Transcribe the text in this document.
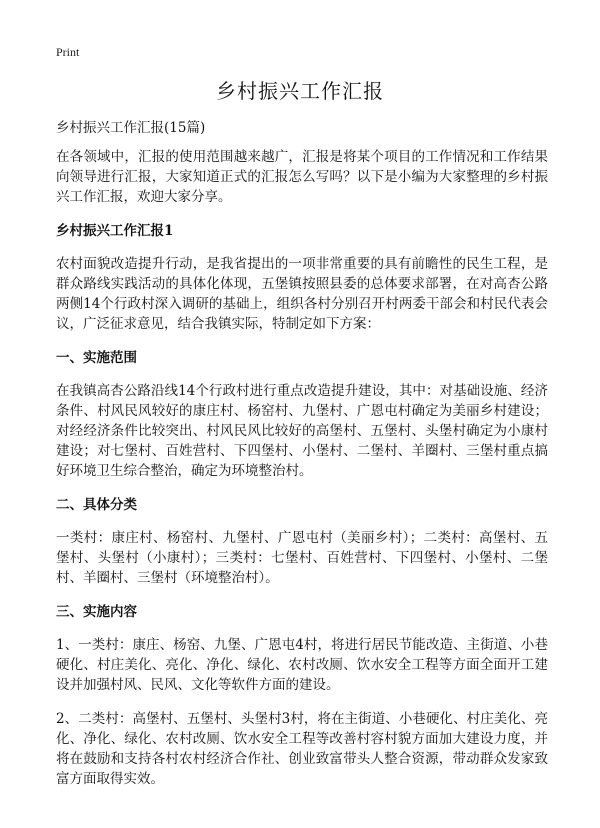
Print
乡村振兴工作汇报

乡村振兴工作汇报(15篇)

在各领域中，汇报的使用范围越来越广，汇报是将某个项目的工作情况和工作结果向领导进行汇报，大家知道正式的汇报怎么写吗？以下是小编为大家整理的乡村振兴工作汇报，欢迎大家分享。

乡村振兴工作汇报1

农村面貌改造提升行动，是我省提出的一项非常重要的具有前瞻性的民生工程，是群众路线实践活动的具体化体现，五堡镇按照县委的总体要求部署，在对高杏公路两侧14个行政村深入调研的基础上，组织各村分别召开村两委干部会和村民代表会议，广泛征求意见，结合我镇实际，特制定如下方案：

一、实施范围

在我镇高杏公路沿线14个行政村进行重点改造提升建设，其中：对基础设施、经济条件、村风民风较好的康庄村、杨窑村、九堡村、广恩屯村确定为美丽乡村建设；对经经济条件比较突出、村风民风比较好的高堡村、五堡村、头堡村确定为小康村建设；对七堡村、百姓营村、下四堡村、小堡村、二堡村、羊圈村、三堡村重点搞好环境卫生综合整治，确定为环境整治村。

二、具体分类

一类村：康庄村、杨窑村、九堡村、广恩屯村（美丽乡村）；二类村：高堡村、五堡村、头堡村（小康村）；三类村：七堡村、百姓营村、下四堡村、小堡村、二堡村、羊圈村、三堡村（环境整治村）。

三、实施内容

1、一类村：康庄、杨窑、九堡、广恩屯4村，将进行居民节能改造、主街道、小巷硬化、村庄美化、亮化、净化、绿化、农村改厕、饮水安全工程等方面全面开工建设并加强村风、民风、文化等软件方面的建设。

2、二类村：高堡村、五堡村、头堡村3村，将在主街道、小巷硬化、村庄美化、亮化、净化、绿化、农村改厕、饮水安全工程等改善村容村貌方面加大建设力度，并将在鼓励和支持各村农村经济合作社、创业致富带头人整合资源，带动群众发家致富方面取得实效。
